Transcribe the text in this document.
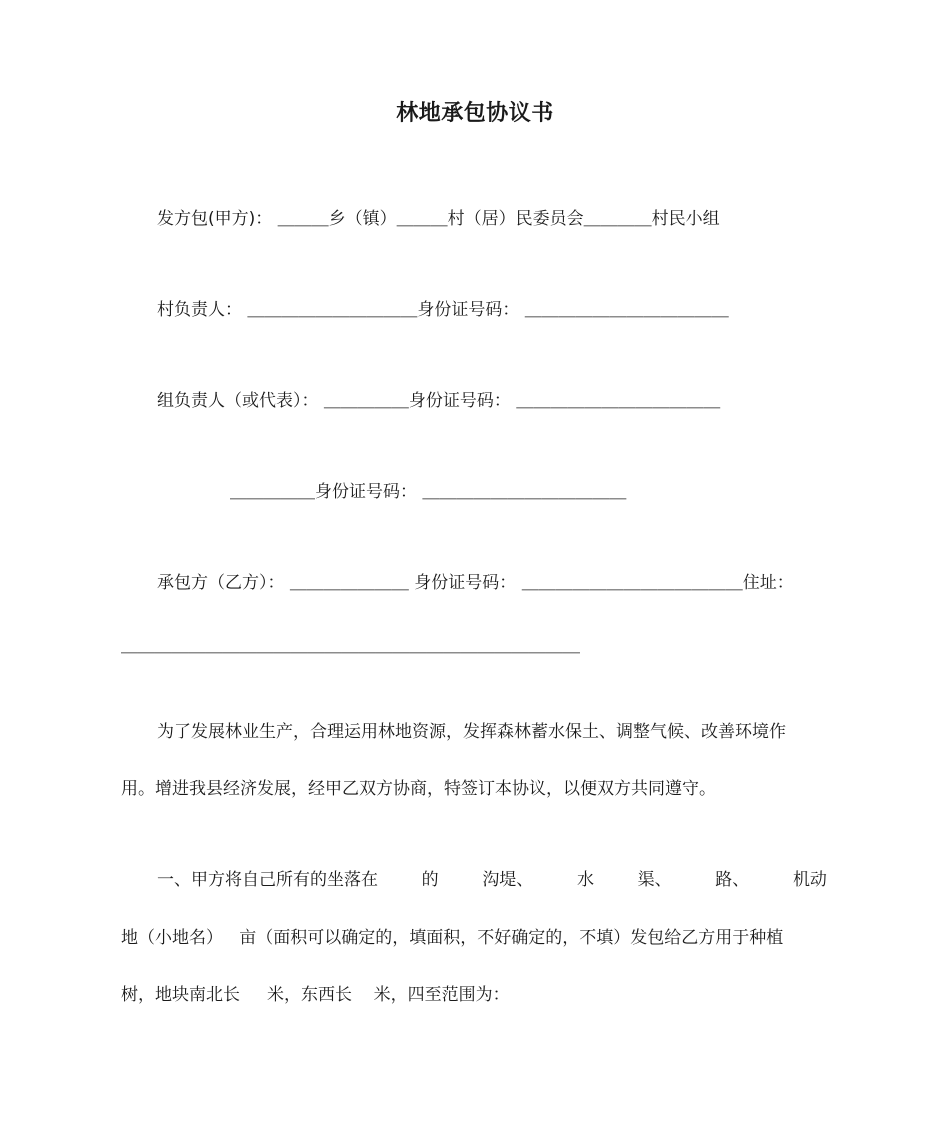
林地承包协议书
发方包(甲方)： ＿＿＿乡（镇）＿＿＿村（居）民委员会＿＿＿＿村民小组
村负责人： ＿＿＿＿＿＿＿＿＿＿身份证号码： ＿＿＿＿＿＿＿＿＿＿＿＿
组负责人（或代表）： ＿＿＿＿＿身份证号码： ＿＿＿＿＿＿＿＿＿＿＿＿
＿＿＿＿＿身份证号码： ＿＿＿＿＿＿＿＿＿＿＿＿
承包方（乙方）： ＿＿＿＿＿＿＿ 身份证号码： ＿＿＿＿＿＿＿＿＿＿＿＿＿住址：
＿＿＿＿＿＿＿＿＿＿＿＿＿＿＿＿＿＿＿＿＿＿＿＿＿＿＿
为了发展林业生产，合理运用林地资源，发挥森林蓄水保土、调整气候、改善环境作
用。增进我县经济发展，经甲乙双方协商，特签订本协议，以便双方共同遵守。
一、甲方将自己所有的坐落在	的	沟堤、	水	渠、	路、	机动
地（小地名）   亩（面积可以确定的，填面积，不好确定的，不填）发包给乙方用于种植
树，地块南北长     米，东西长    米，四至范围为：
